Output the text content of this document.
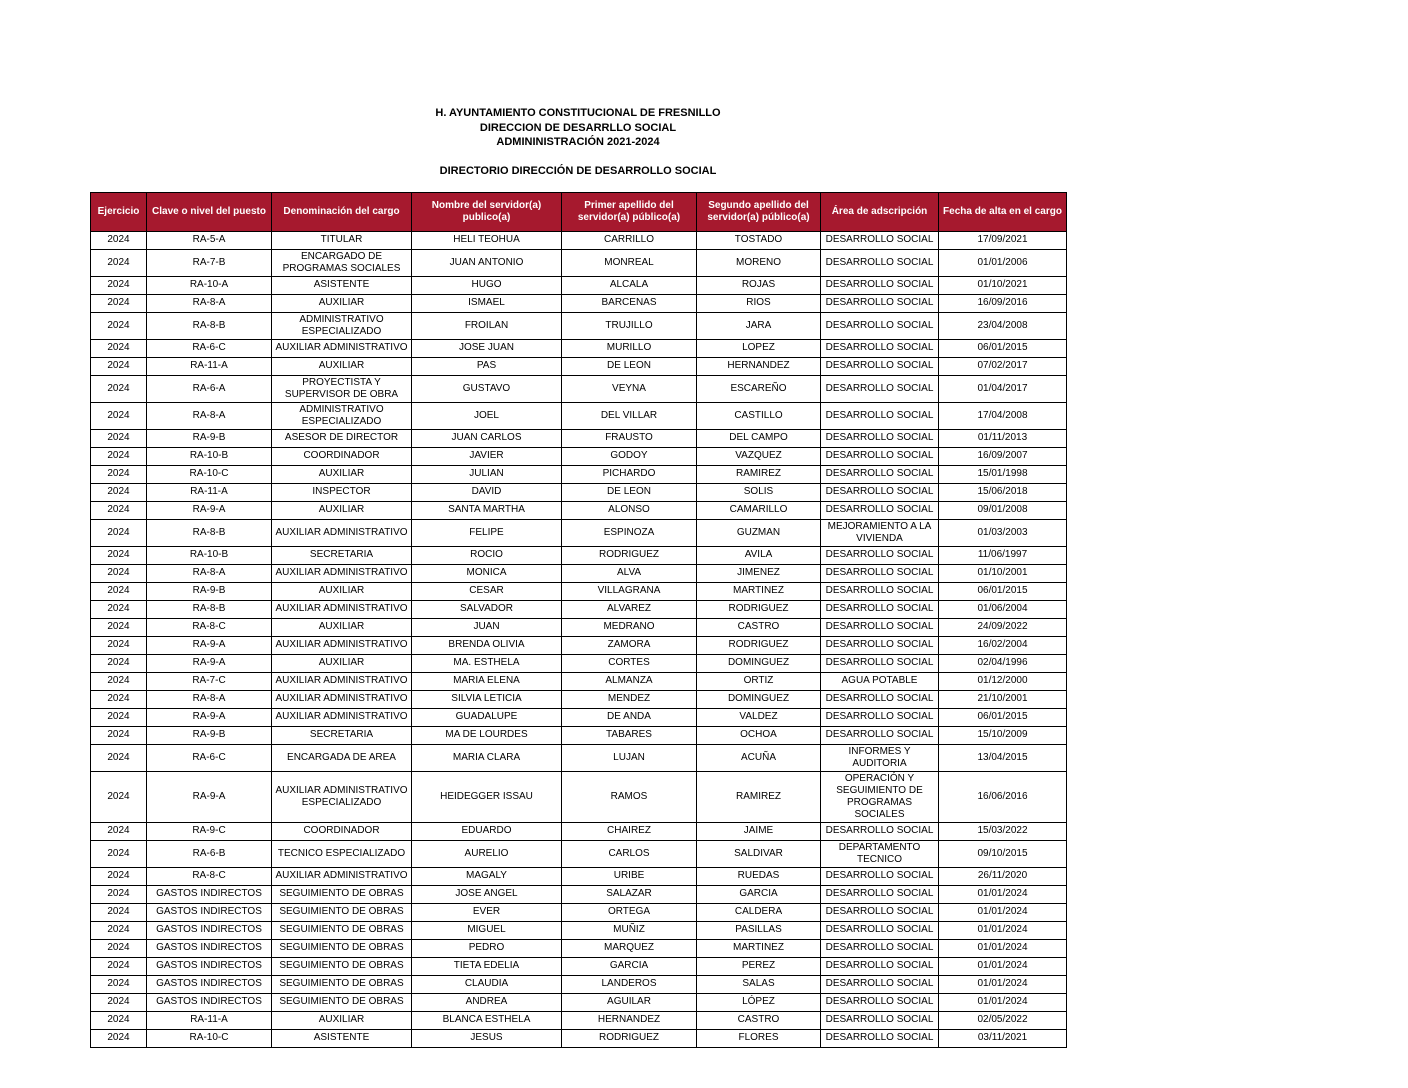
H. AYUNTAMIENTO CONSTITUCIONAL DE FRESNILLO
DIRECCION DE DESARRLLO SOCIAL
ADMININISTRACIÓN 2021-2024
DIRECTORIO DIRECCIÓN DE DESARROLLO SOCIAL
Ejercicio	Clave o nivel del puesto	Denominación del cargo	Nombre del servidor(a) publico(a)	Primer apellido del servidor(a) público(a)	Segundo apellido del servidor(a) público(a)	Área de adscripción	Fecha de alta en el cargo
2024	RA-5-A	TITULAR	HELI TEOHUA	CARRILLO	TOSTADO	DESARROLLO SOCIAL	17/09/2021
2024	RA-7-B	ENCARGADO DE PROGRAMAS SOCIALES	JUAN ANTONIO	MONREAL	MORENO	DESARROLLO SOCIAL	01/01/2006
2024	RA-10-A	ASISTENTE	HUGO	ALCALA	ROJAS	DESARROLLO SOCIAL	01/10/2021
2024	RA-8-A	AUXILIAR	ISMAEL	BARCENAS	RIOS	DESARROLLO SOCIAL	16/09/2016
2024	RA-8-B	ADMINISTRATIVO ESPECIALIZADO	FROILAN	TRUJILLO	JARA	DESARROLLO SOCIAL	23/04/2008
2024	RA-6-C	AUXILIAR ADMINISTRATIVO	JOSE JUAN	MURILLO	LOPEZ	DESARROLLO SOCIAL	06/01/2015
2024	RA-11-A	AUXILIAR	PAS	DE LEON	HERNANDEZ	DESARROLLO SOCIAL	07/02/2017
2024	RA-6-A	PROYECTISTA Y SUPERVISOR DE OBRA	GUSTAVO	VEYNA	ESCAREÑO	DESARROLLO SOCIAL	01/04/2017
2024	RA-8-A	ADMINISTRATIVO ESPECIALIZADO	JOEL	DEL VILLAR	CASTILLO	DESARROLLO SOCIAL	17/04/2008
2024	RA-9-B	ASESOR DE DIRECTOR	JUAN CARLOS	FRAUSTO	DEL CAMPO	DESARROLLO SOCIAL	01/11/2013
2024	RA-10-B	COORDINADOR	JAVIER	GODOY	VAZQUEZ	DESARROLLO SOCIAL	16/09/2007
2024	RA-10-C	AUXILIAR	JULIAN	PICHARDO	RAMIREZ	DESARROLLO SOCIAL	15/01/1998
2024	RA-11-A	INSPECTOR	DAVID	DE LEON	SOLIS	DESARROLLO SOCIAL	15/06/2018
2024	RA-9-A	AUXILIAR	SANTA MARTHA	ALONSO	CAMARILLO	DESARROLLO SOCIAL	09/01/2008
2024	RA-8-B	AUXILIAR ADMINISTRATIVO	FELIPE	ESPINOZA	GUZMAN	MEJORAMIENTO A LA VIVIENDA	01/03/2003
2024	RA-10-B	SECRETARIA	ROCIO	RODRIGUEZ	AVILA	DESARROLLO SOCIAL	11/06/1997
2024	RA-8-A	AUXILIAR ADMINISTRATIVO	MONICA	ALVA	JIMENEZ	DESARROLLO SOCIAL	01/10/2001
2024	RA-9-B	AUXILIAR	CESAR	VILLAGRANA	MARTINEZ	DESARROLLO SOCIAL	06/01/2015
2024	RA-8-B	AUXILIAR ADMINISTRATIVO	SALVADOR	ALVAREZ	RODRIGUEZ	DESARROLLO SOCIAL	01/06/2004
2024	RA-8-C	AUXILIAR	JUAN	MEDRANO	CASTRO	DESARROLLO SOCIAL	24/09/2022
2024	RA-9-A	AUXILIAR ADMINISTRATIVO	BRENDA OLIVIA	ZAMORA	RODRIGUEZ	DESARROLLO SOCIAL	16/02/2004
2024	RA-9-A	AUXILIAR	MA. ESTHELA	CORTES	DOMINGUEZ	DESARROLLO SOCIAL	02/04/1996
2024	RA-7-C	AUXILIAR ADMINISTRATIVO	MARIA ELENA	ALMANZA	ORTIZ	AGUA POTABLE	01/12/2000
2024	RA-8-A	AUXILIAR ADMINISTRATIVO	SILVIA LETICIA	MENDEZ	DOMINGUEZ	DESARROLLO SOCIAL	21/10/2001
2024	RA-9-A	AUXILIAR ADMINISTRATIVO	GUADALUPE	DE ANDA	VALDEZ	DESARROLLO SOCIAL	06/01/2015
2024	RA-9-B	SECRETARIA	MA DE LOURDES	TABARES	OCHOA	DESARROLLO SOCIAL	15/10/2009
2024	RA-6-C	ENCARGADA DE AREA	MARIA CLARA	LUJAN	ACUÑA	INFORMES Y AUDITORIA	13/04/2015
2024	RA-9-A	AUXILIAR ADMINISTRATIVO ESPECIALIZADO	HEIDEGGER ISSAU	RAMOS	RAMIREZ	OPERACIÓN Y SEGUIMIENTO DE PROGRAMAS SOCIALES	16/06/2016
2024	RA-9-C	COORDINADOR	EDUARDO	CHAIREZ	JAIME	DESARROLLO SOCIAL	15/03/2022
2024	RA-6-B	TECNICO ESPECIALIZADO	AURELIO	CARLOS	SALDIVAR	DEPARTAMENTO TECNICO	09/10/2015
2024	RA-8-C	AUXILIAR ADMINISTRATIVO	MAGALY	URIBE	RUEDAS	DESARROLLO SOCIAL	26/11/2020
2024	GASTOS INDIRECTOS	SEGUIMIENTO DE OBRAS	JOSE ANGEL	SALAZAR	GARCIA	DESARROLLO SOCIAL	01/01/2024
2024	GASTOS INDIRECTOS	SEGUIMIENTO DE OBRAS	EVER	ORTEGA	CALDERA	DESARROLLO SOCIAL	01/01/2024
2024	GASTOS INDIRECTOS	SEGUIMIENTO DE OBRAS	MIGUEL	MUÑIZ	PASILLAS	DESARROLLO SOCIAL	01/01/2024
2024	GASTOS INDIRECTOS	SEGUIMIENTO DE OBRAS	PEDRO	MARQUEZ	MARTINEZ	DESARROLLO SOCIAL	01/01/2024
2024	GASTOS INDIRECTOS	SEGUIMIENTO DE OBRAS	TIETA EDELIA	GARCIA	PEREZ	DESARROLLO SOCIAL	01/01/2024
2024	GASTOS INDIRECTOS	SEGUIMIENTO DE OBRAS	CLAUDIA	LANDEROS	SALAS	DESARROLLO SOCIAL	01/01/2024
2024	GASTOS INDIRECTOS	SEGUIMIENTO DE OBRAS	ANDREA	AGUILAR	LÓPEZ	DESARROLLO SOCIAL	01/01/2024
2024	RA-11-A	AUXILIAR	BLANCA ESTHELA	HERNANDEZ	CASTRO	DESARROLLO SOCIAL	02/05/2022
2024	RA-10-C	ASISTENTE	JESUS	RODRIGUEZ	FLORES	DESARROLLO SOCIAL	03/11/2021
